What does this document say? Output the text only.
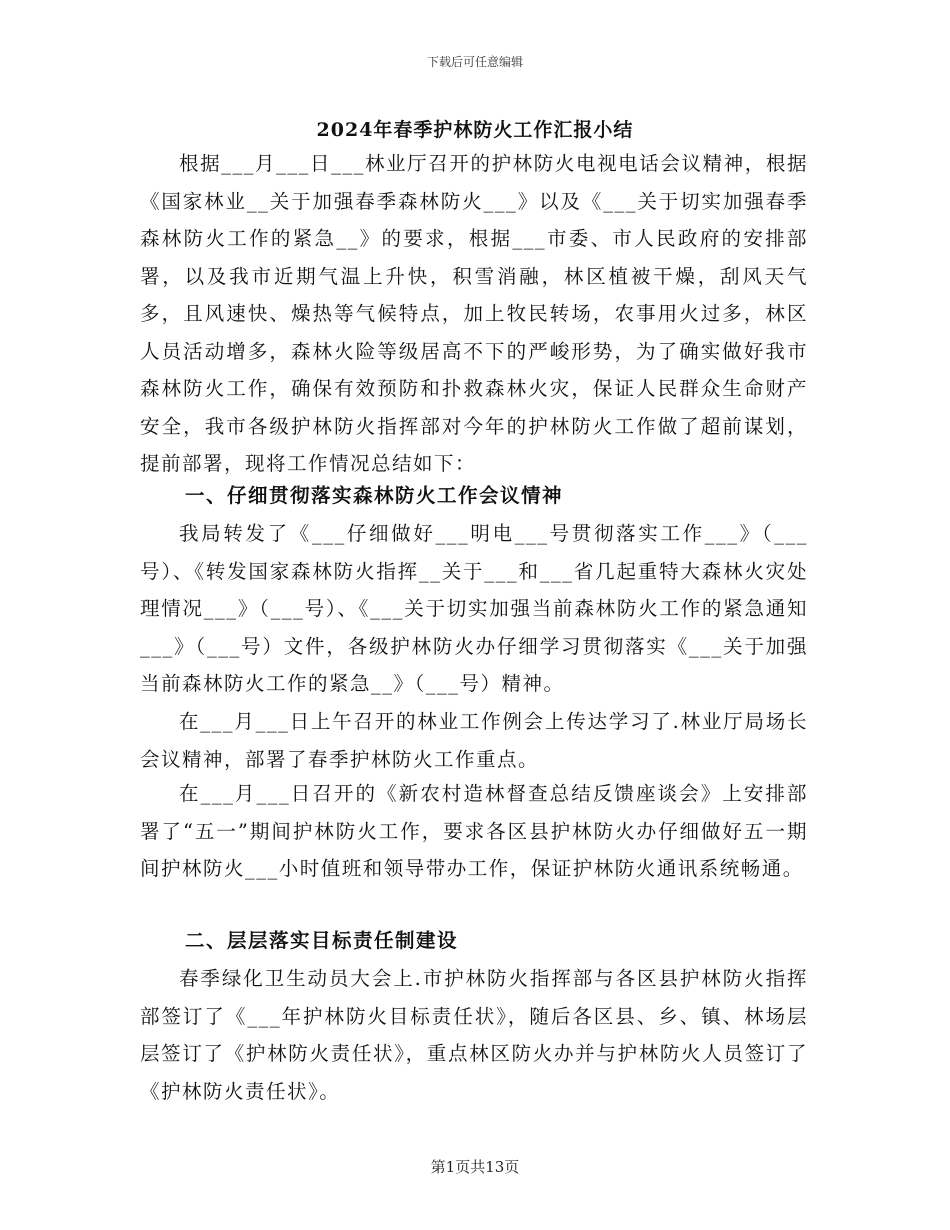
下载后可任意编辑
2024年春季护林防火工作汇报小结
根据___月___日___林业厅召开的护林防火电视电话会议精神，根据《国家林业__关于加强春季森林防火___》以及《___关于切实加强春季森林防火工作的紧急__》的要求，根据___市委、市人民政府的安排部署，以及我市近期气温上升快，积雪消融，林区植被干燥，刮风天气多，且风速快、燥热等气候特点，加上牧民转场，农事用火过多，林区人员活动增多，森林火险等级居高不下的严峻形势，为了确实做好我市森林防火工作，确保有效预防和扑救森林火灾，保证人民群众生命财产安全，我市各级护林防火指挥部对今年的护林防火工作做了超前谋划，提前部署，现将工作情况总结如下：
一、仔细贯彻落实森林防火工作会议情神
我局转发了《___仔细做好___明电___号贯彻落实工作___》（___号）、《转发国家森林防火指挥__关于___和___省几起重特大森林火灾处理情况___》（___号）、《___关于切实加强当前森林防火工作的紧急通知___》（___号）文件，各级护林防火办仔细学习贯彻落实《___关于加强当前森林防火工作的紧急__》（___号）精神。
在___月___日上午召开的林业工作例会上传达学习了.林业厅局场长会议精神，部署了春季护林防火工作重点。
在___月___日召开的《新农村造林督查总结反馈座谈会》上安排部署了“五一”期间护林防火工作，要求各区县护林防火办仔细做好五一期间护林防火___小时值班和领导带办工作，保证护林防火通讯系统畅通。
二、层层落实目标责任制建设
春季绿化卫生动员大会上.市护林防火指挥部与各区县护林防火指挥部签订了《___年护林防火目标责任状》，随后各区县、乡、镇、林场层层签订了《护林防火责任状》，重点林区防火办并与护林防火人员签订了《护林防火责任状》。
第1页共13页
